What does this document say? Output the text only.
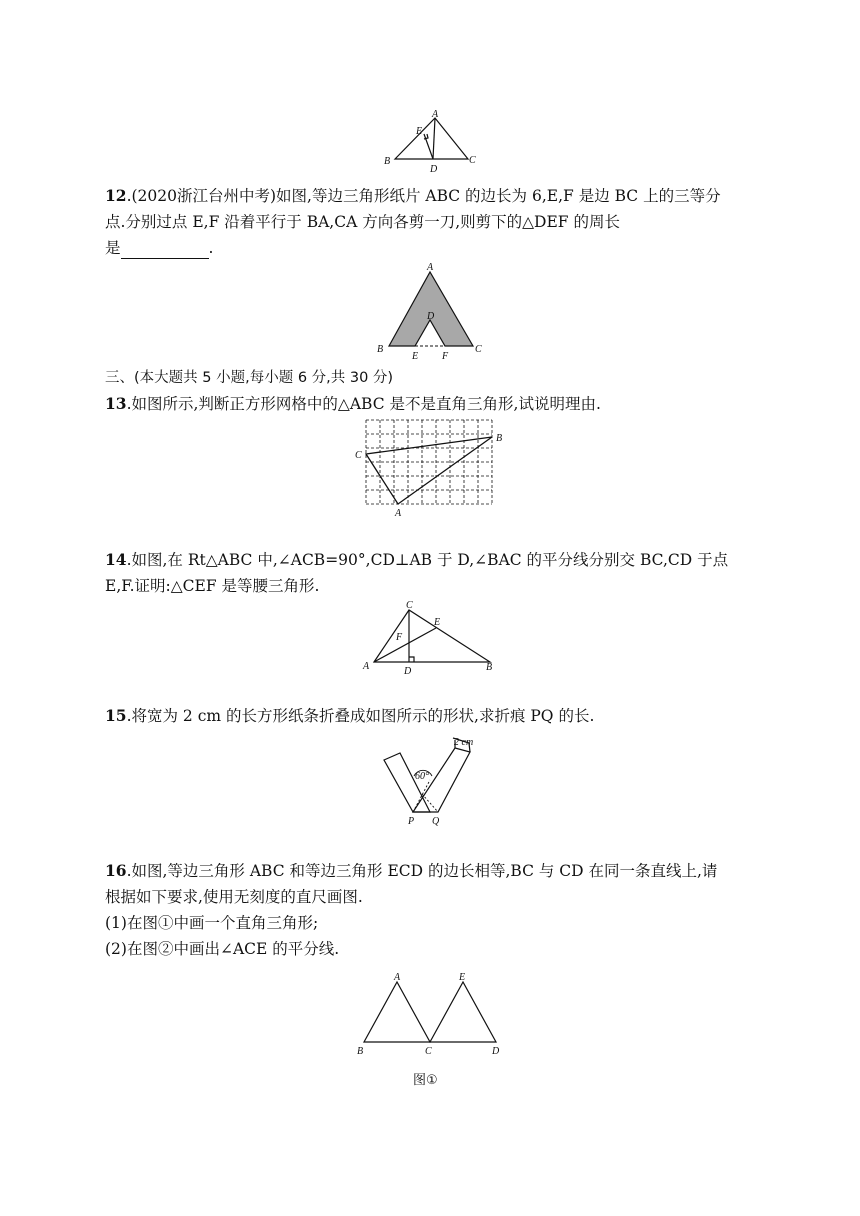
A
B	C
D
E
12.(2020浙江台州中考)如图,等边三角形纸片 ABC 的边长为 6,E,F 是边 BC 上的三等分
点.分别过点 E,F 沿着平行于 BA,CA 方向各剪一刀,则剪下的△DEF 的周长
是	.
A
B	C
D
E F
三、(本大题共 5 小题,每小题 6 分,共 30 分)
13.如图所示,判断正方形网格中的△ABC 是不是直角三角形,试说明理由.
B
C
A
14.如图,在 Rt△ABC 中,∠ACB=90°,CD⊥AB 于 D,∠BAC 的平分线分别交 BC,CD 于点
E,F.证明:△CEF 是等腰三角形.
C
A	B
D
E
F
15.将宽为 2 cm 的长方形纸条折叠成如图所示的形状,求折痕 PQ 的长.
60°
2 cm
P Q
16.如图,等边三角形 ABC 和等边三角形 ECD 的边长相等,BC 与 CD 在同一条直线上,请
根据如下要求,使用无刻度的直尺画图.
(1)在图①中画一个直角三角形;
(2)在图②中画出∠ACE 的平分线.
A	E
B	C	D
图①
